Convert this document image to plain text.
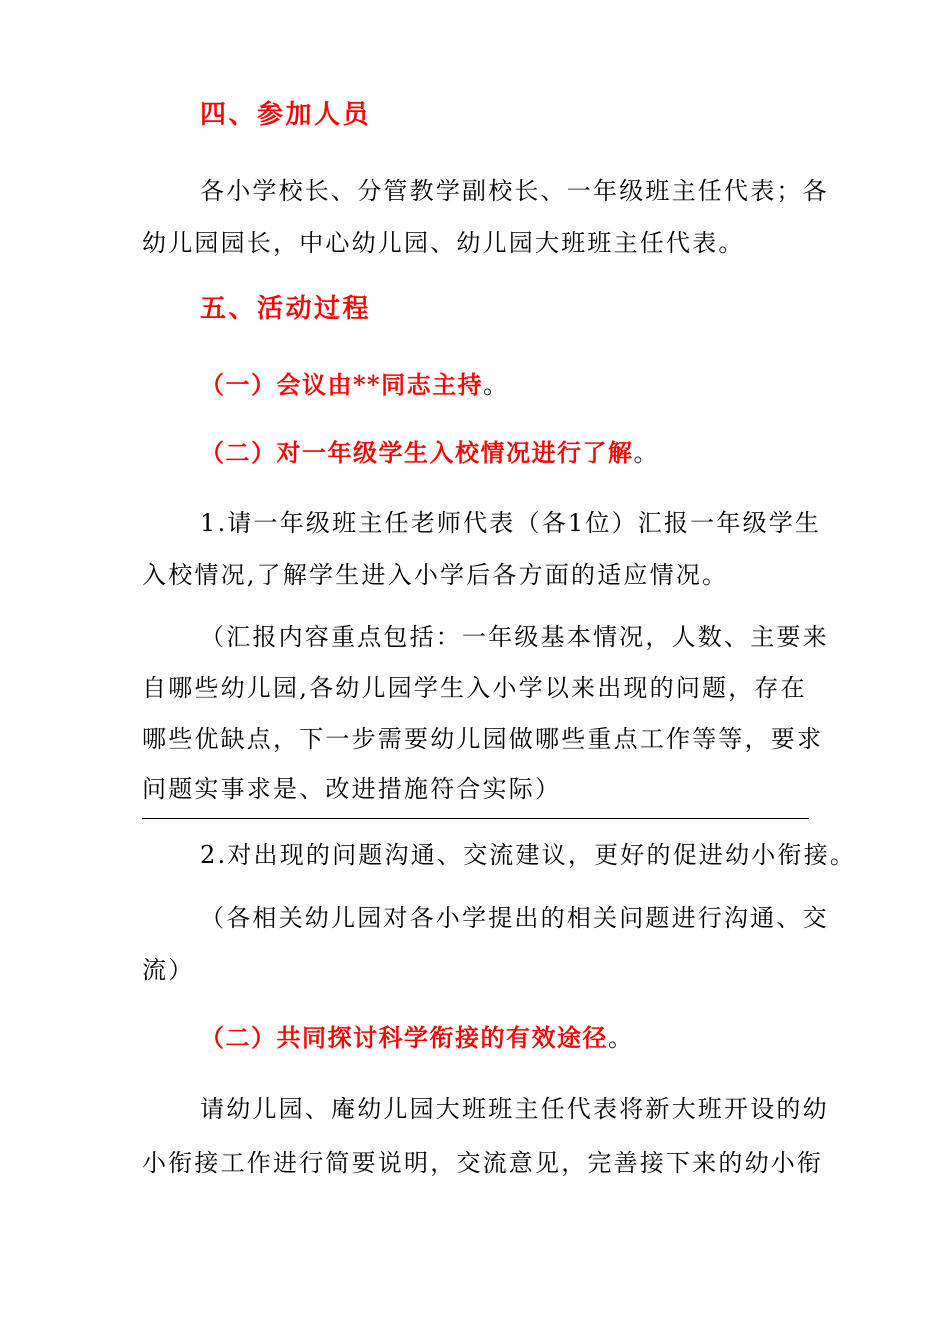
四、参加人员
各小学校长、分管教学副校长、一年级班主任代表；各
幼儿园园长，中心幼儿园、幼儿园大班班主任代表。
五、活动过程
（一）会议由**同志主持。
（二）对一年级学生入校情况进行了解。
1.请一年级班主任老师代表（各1位）汇报一年级学生
入校情况,了解学生进入小学后各方面的适应情况。
（汇报内容重点包括：一年级基本情况，人数、主要来
自哪些幼儿园,各幼儿园学生入小学以来出现的问题，存在
哪些优缺点，下一步需要幼儿园做哪些重点工作等等，要求
问题实事求是、改进措施符合实际）
2.对出现的问题沟通、交流建议，更好的促进幼小衔接。
（各相关幼儿园对各小学提出的相关问题进行沟通、交
流）
（二）共同探讨科学衔接的有效途径。
请幼儿园、庵幼儿园大班班主任代表将新大班开设的幼
小衔接工作进行简要说明，交流意见，完善接下来的幼小衔
